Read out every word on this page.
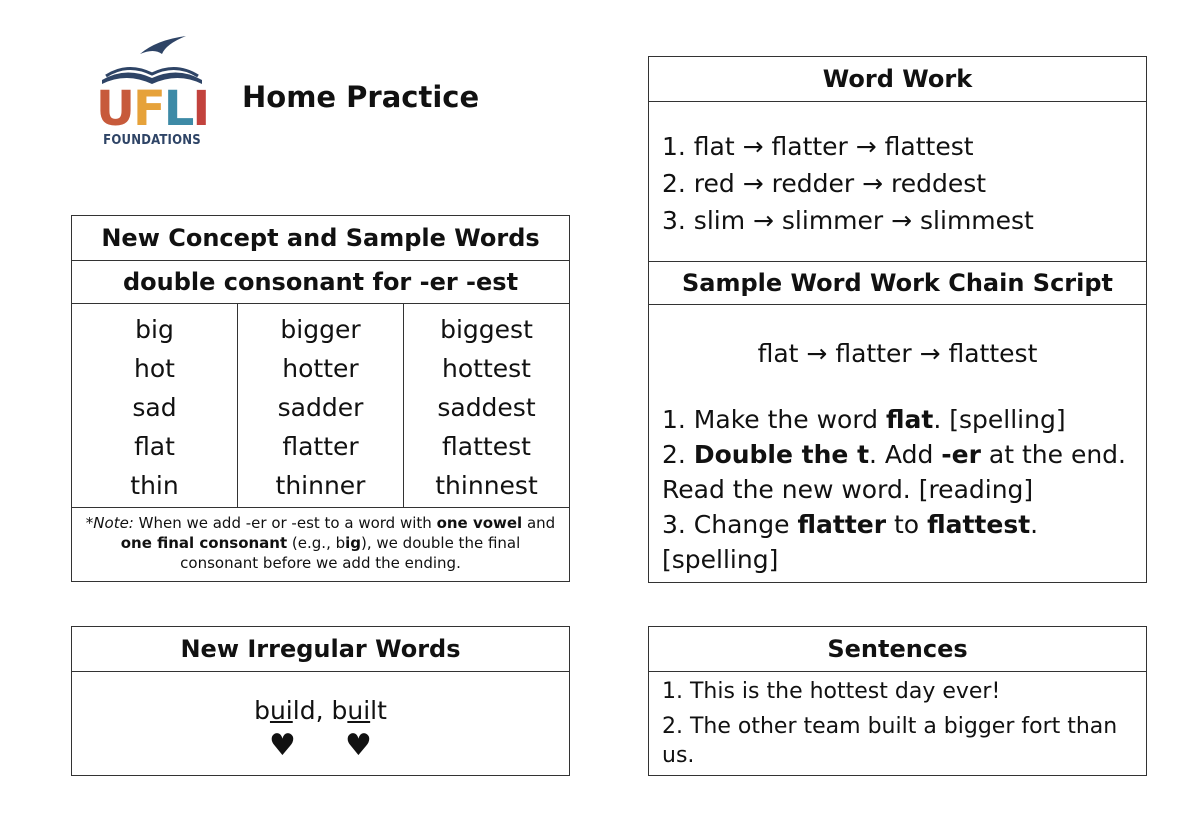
U F L I
FOUNDATIONS
Home Practice
New Concept and Sample Words
double consonant for -er -est
big
hot
sad
flat
thin
bigger
hotter
sadder
flatter
thinner
biggest
hottest
saddest
flattest
thinnest
*Note: When we add -er or -est to a word with one vowel and one final consonant (e.g., big), we double the final consonant before we add the ending.
New Irregular Words
build, built
♥ ♥
Word Work
1. flat → flatter → flattest
2. red → redder → reddest
3. slim → slimmer → slimmest
Sample Word Work Chain Script
flat → flatter → flattest

1. Make the word flat. [spelling]

2. Double the t. Add -er at the end. Read the new word. [reading]

3. Change flatter to flattest. [spelling]

Sentences
1. This is the hottest day ever!
2. The other team built a bigger fort than us.
